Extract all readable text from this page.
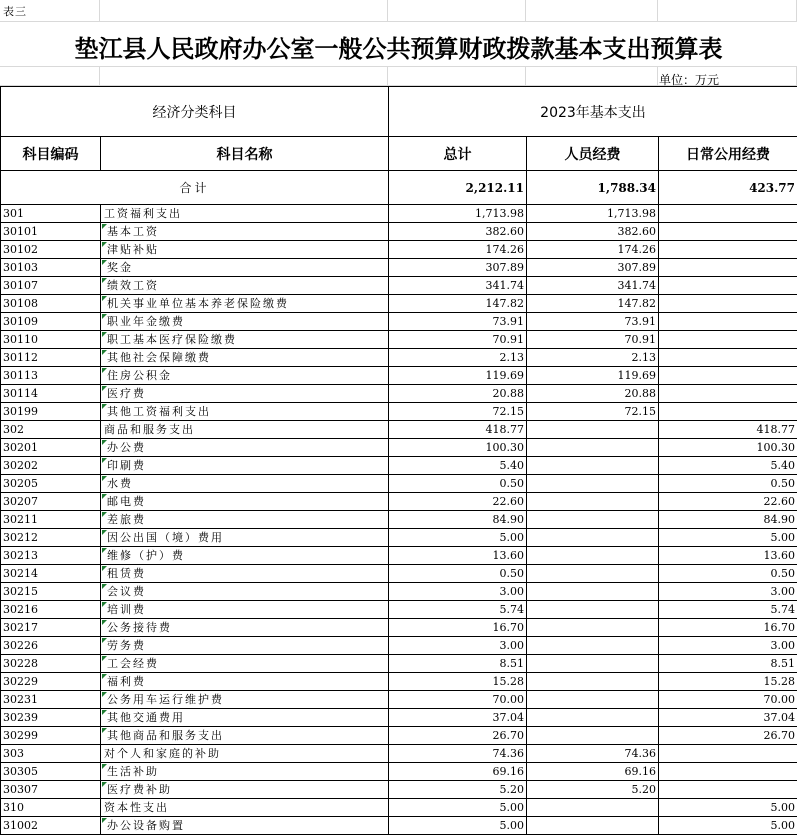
表三
垫江县人民政府办公室一般公共预算财政拨款基本支出预算表
单位：万元
经济分类科目		2023年基本支出		
科目编码	科目名称	总计	人员经费	日常公用经费
合计		2,212.11	1,788.34	423.77
301	工资福利支出	1,713.98	1,713.98	
30101	基本工资	382.60	382.60	
30102	津贴补贴	174.26	174.26	
30103	奖金	307.89	307.89	
30107	绩效工资	341.74	341.74	
30108	机关事业单位基本养老保险缴费	147.82	147.82	
30109	职业年金缴费	73.91	73.91	
30110	职工基本医疗保险缴费	70.91	70.91	
30112	其他社会保障缴费	2.13	2.13	
30113	住房公积金	119.69	119.69	
30114	医疗费	20.88	20.88	
30199	其他工资福利支出	72.15	72.15	
302	商品和服务支出	418.77		418.77
30201	办公费	100.30		100.30
30202	印刷费	5.40		5.40
30205	水费	0.50		0.50
30207	邮电费	22.60		22.60
30211	差旅费	84.90		84.90
30212	因公出国（境）费用	5.00		5.00
30213	维修（护）费	13.60		13.60
30214	租赁费	0.50		0.50
30215	会议费	3.00		3.00
30216	培训费	5.74		5.74
30217	公务接待费	16.70		16.70
30226	劳务费	3.00		3.00
30228	工会经费	8.51		8.51
30229	福利费	15.28		15.28
30231	公务用车运行维护费	70.00		70.00
30239	其他交通费用	37.04		37.04
30299	其他商品和服务支出	26.70		26.70
303	对个人和家庭的补助	74.36	74.36	
30305	生活补助	69.16	69.16	
30307	医疗费补助	5.20	5.20	
310	资本性支出	5.00		5.00
31002	办公设备购置	5.00		5.00
